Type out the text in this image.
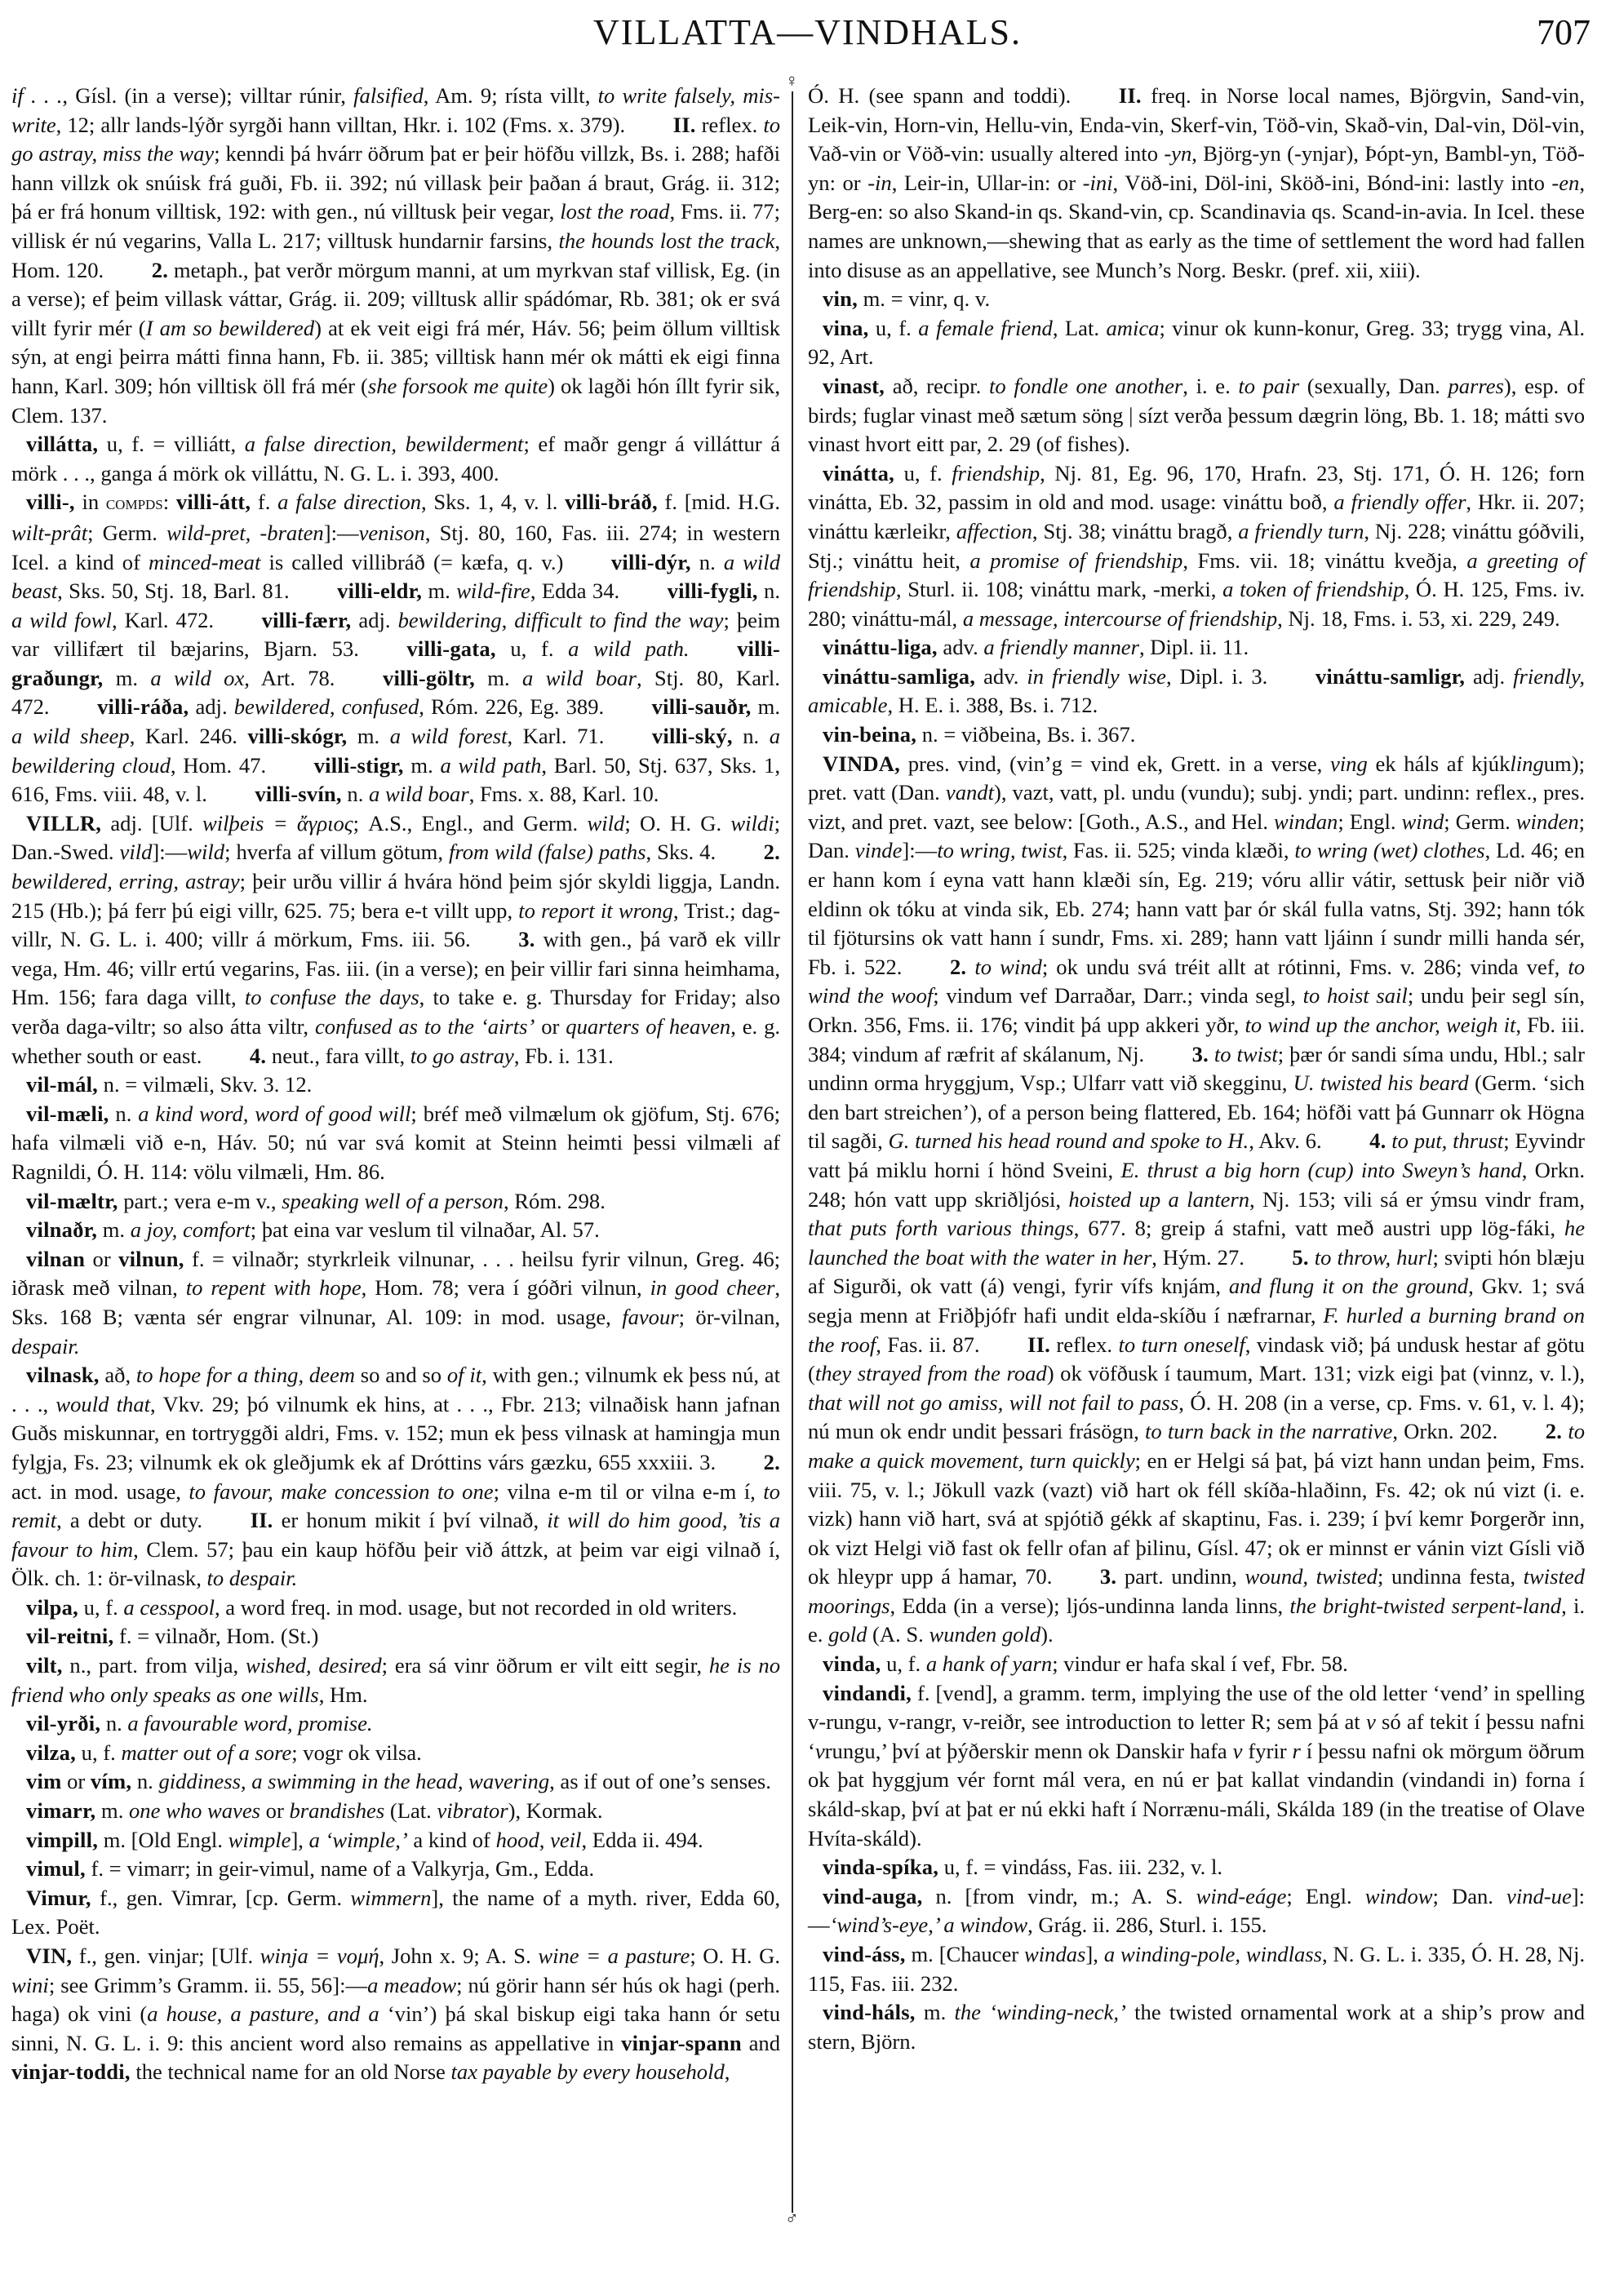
VILLATTA—VINDHALS.	707

if . . ., Gísl. (in a verse); villtar rúnir, falsified, Am. 9; rísta villt, to write falsely, mis-write, 12; allr lands-lýðr syrgði hann villtan, Hkr. i. 102 (Fms. x. 379). II. reflex. to go astray, miss the way; kenndi þá hvárr öðrum þat er þeir höfðu villzk, Bs. i. 288; hafði hann villzk ok snúisk frá guði, Fb. ii. 392; nú villask þeir þaðan á braut, Grág. ii. 312; þá er frá honum villtisk, 192: with gen., nú villtusk þeir vegar, lost the road, Fms. ii. 77; villisk ér nú vegarins, Valla L. 217; villtusk hundarnir farsins, the hounds lost the track, Hom. 120. 2. metaph., þat verðr mörgum manni, at um myrkvan staf villisk, Eg. (in a verse); ef þeim villask váttar, Grág. ii. 209; villtusk allir spádómar, Rb. 381; ok er svá villt fyrir mér (I am so bewildered) at ek veit eigi frá mér, Háv. 56; þeim öllum villtisk sýn, at engi þeirra mátti finna hann, Fb. ii. 385; villtisk hann mér ok mátti ek eigi finna hann, Karl. 309; hón villtisk öll frá mér (she forsook me quite) ok lagði hón íllt fyrir sik, Clem. 137.

villátta, u, f. = villiátt, a false direction, bewilderment; ef maðr gengr á villáttur á mörk . . ., ganga á mörk ok villáttu, N. G. L. i. 393, 400.

villi-, in compds: villi-átt, f. a false direction, Sks. 1, 4, v. l. villi-bráð, f. [mid. H.G. wilt-prât; Germ. wild-pret, -braten]:—venison, Stj. 80, 160, Fas. iii. 274; in western Icel. a kind of minced-meat is called villibráð (= kæfa, q. v.) villi-dýr, n. a wild beast, Sks. 50, Stj. 18, Barl. 81. villi-eldr, m. wild-fire, Edda 34. villi-fygli, n. a wild fowl, Karl. 472. villi-færr, adj. bewildering, difficult to find the way; þeim var villifært til bæjarins, Bjarn. 53. villi-gata, u, f. a wild path. villi-graðungr, m. a wild ox, Art. 78. villi-göltr, m. a wild boar, Stj. 80, Karl. 472. villi-ráða, adj. bewildered, confused, Róm. 226, Eg. 389. villi-sauðr, m. a wild sheep, Karl. 246. villi-skógr, m. a wild forest, Karl. 71. villi-ský, n. a bewildering cloud, Hom. 47. villi-stigr, m. a wild path, Barl. 50, Stj. 637, Sks. 1, 616, Fms. viii. 48, v. l. villi-svín, n. a wild boar, Fms. x. 88, Karl. 10.

VILLR, adj. [Ulf. wilþeis = ἄγριος; A.S., Engl., and Germ. wild; O. H. G. wildi; Dan.-Swed. vild]:—wild; hverfa af villum götum, from wild (false) paths, Sks. 4. 2. bewildered, erring, astray; þeir urðu villir á hvára hönd þeim sjór skyldi liggja, Landn. 215 (Hb.); þá ferr þú eigi villr, 625. 75; bera e-t villt upp, to report it wrong, Trist.; dag-villr, N. G. L. i. 400; villr á mörkum, Fms. iii. 56. 3. with gen., þá varð ek villr vega, Hm. 46; villr ertú vegarins, Fas. iii. (in a verse); en þeir villir fari sinna heimhama, Hm. 156; fara daga villt, to confuse the days, to take e. g. Thursday for Friday; also verða daga-viltr; so also átta viltr, confused as to the ‘airts’ or quarters of heaven, e. g. whether south or east. 4. neut., fara villt, to go astray, Fb. i. 131.

vil-mál, n. = vilmæli, Skv. 3. 12.

vil-mæli, n. a kind word, word of good will; bréf með vilmælum ok gjöfum, Stj. 676; hafa vilmæli við e-n, Háv. 50; nú var svá komit at Steinn heimti þessi vilmæli af Ragnildi, Ó. H. 114: völu vilmæli, Hm. 86.

vil-mæltr, part.; vera e-m v., speaking well of a person, Róm. 298.

vilnaðr, m. a joy, comfort; þat eina var veslum til vilnaðar, Al. 57.

vilnan or vilnun, f. = vilnaðr; styrkrleik vilnunar, . . . heilsu fyrir vilnun, Greg. 46; iðrask með vilnan, to repent with hope, Hom. 78; vera í góðri vilnun, in good cheer, Sks. 168 B; vænta sér engrar vilnunar, Al. 109: in mod. usage, favour; ör-vilnan, despair.

vilnask, að, to hope for a thing, deem so and so of it, with gen.; vilnumk ek þess nú, at . . ., would that, Vkv. 29; þó vilnumk ek hins, at . . ., Fbr. 213; vilnaðisk hann jafnan Guðs miskunnar, en tortryggði aldri, Fms. v. 152; mun ek þess vilnask at hamingja mun fylgja, Fs. 23; vilnumk ek ok gleðjumk ek af Dróttins várs gæzku, 655 xxxiii. 3. 2. act. in mod. usage, to favour, make concession to one; vilna e-m til or vilna e-m í, to remit, a debt or duty. II. er honum mikit í því vilnað, it will do him good, ’tis a favour to him, Clem. 57; þau ein kaup höfðu þeir við áttzk, at þeim var eigi vilnað í, Ölk. ch. 1: ör-vilnask, to despair.

vilpa, u, f. a cesspool, a word freq. in mod. usage, but not recorded in old writers.

vil-reitni, f. = vilnaðr, Hom. (St.)

vilt, n., part. from vilja, wished, desired; era sá vinr öðrum er vilt eitt segir, he is no friend who only speaks as one wills, Hm.

vil-yrði, n. a favourable word, promise.

vilza, u, f. matter out of a sore; vogr ok vilsa.

vim or vím, n. giddiness, a swimming in the head, wavering, as if out of one’s senses.

vimarr, m. one who waves or brandishes (Lat. vibrator), Kormak.

vimpill, m. [Old Engl. wimple], a ‘wimple,’ a kind of hood, veil, Edda ii. 494.

vimul, f. = vimarr; in geir-vimul, name of a Valkyrja, Gm., Edda.

Vimur, f., gen. Vimrar, [cp. Germ. wimmern], the name of a myth. river, Edda 60, Lex. Poët.

VIN, f., gen. vinjar; [Ulf. winja = νομή, John x. 9; A. S. wine = a pasture; O. H. G. wini; see Grimm’s Gramm. ii. 55, 56]:—a meadow; nú görir hann sér hús ok hagi (perh. haga) ok vini (a house, a pasture, and a ‘vin’) þá skal biskup eigi taka hann ór setu sinni, N. G. L. i. 9: this ancient word also remains as appellative in vinjar-spann and vinjar-toddi, the technical name for an old Norse tax payable by every household,

♀
♂

Ó. H. (see spann and toddi). II. freq. in Norse local names, Björgvin, Sand-vin, Leik-vin, Horn-vin, Hellu-vin, Enda-vin, Skerf-vin, Töð-vin, Skað-vin, Dal-vin, Döl-vin, Vað-vin or Vöð-vin: usually altered into -yn, Björg-yn (-ynjar), Þópt-yn, Bambl-yn, Töð-yn: or -in, Leir-in, Ullar-in: or -ini, Vöð-ini, Döl-ini, Sköð-ini, Bónd-ini: lastly into -en, Berg-en: so also Skand-in qs. Skand-vin, cp. Scandinavia qs. Scand-in-avia. In Icel. these names are unknown,—shewing that as early as the time of settlement the word had fallen into disuse as an appellative, see Munch’s Norg. Beskr. (pref. xii, xiii).

vin, m. = vinr, q. v.

vina, u, f. a female friend, Lat. amica; vinur ok kunn-konur, Greg. 33; trygg vina, Al. 92, Art.

vinast, að, recipr. to fondle one another, i. e. to pair (sexually, Dan. parres), esp. of birds; fuglar vinast með sætum söng | sízt verða þessum dægrin löng, Bb. 1. 18; mátti svo vinast hvort eitt par, 2. 29 (of fishes).

vinátta, u, f. friendship, Nj. 81, Eg. 96, 170, Hrafn. 23, Stj. 171, Ó. H. 126; forn vinátta, Eb. 32, passim in old and mod. usage: vináttu boð, a friendly offer, Hkr. ii. 207; vináttu kærleikr, affection, Stj. 38; vináttu bragð, a friendly turn, Nj. 228; vináttu góðvili, Stj.; vináttu heit, a promise of friendship, Fms. vii. 18; vináttu kveðja, a greeting of friendship, Sturl. ii. 108; vináttu mark, -merki, a token of friendship, Ó. H. 125, Fms. iv. 280; vináttu-mál, a message, intercourse of friendship, Nj. 18, Fms. i. 53, xi. 229, 249.

vináttu-liga, adv. a friendly manner, Dipl. ii. 11.

vináttu-samliga, adv. in friendly wise, Dipl. i. 3. vináttu-samligr, adj. friendly, amicable, H. E. i. 388, Bs. i. 712.

vin-beina, n. = viðbeina, Bs. i. 367.

VINDA, pres. vind, (vin’g = vind ek, Grett. in a verse, ving ek háls af kjúklingum); pret. vatt (Dan. vandt), vazt, vatt, pl. undu (vundu); subj. yndi; part. undinn: reflex., pres. vizt, and pret. vazt, see below: [Goth., A.S., and Hel. windan; Engl. wind; Germ. winden; Dan. vinde]:—to wring, twist, Fas. ii. 525; vinda klæði, to wring (wet) clothes, Ld. 46; en er hann kom í eyna vatt hann klæði sín, Eg. 219; vóru allir vátir, settusk þeir niðr við eldinn ok tóku at vinda sik, Eb. 274; hann vatt þar ór skál fulla vatns, Stj. 392; hann tók til fjötursins ok vatt hann í sundr, Fms. xi. 289; hann vatt ljáinn í sundr milli handa sér, Fb. i. 522. 2. to wind; ok undu svá tréit allt at rótinni, Fms. v. 286; vinda vef, to wind the woof; vindum vef Darraðar, Darr.; vinda segl, to hoist sail; undu þeir segl sín, Orkn. 356, Fms. ii. 176; vindit þá upp akkeri yðr, to wind up the anchor, weigh it, Fb. iii. 384; vindum af ræfrit af skálanum, Nj. 3. to twist; þær ór sandi síma undu, Hbl.; salr undinn orma hryggjum, Vsp.; Ulfarr vatt við skegginu, U. twisted his beard (Germ. ‘sich den bart streichen’), of a person being flattered, Eb. 164; höfði vatt þá Gunnarr ok Högna til sagði, G. turned his head round and spoke to H., Akv. 6. 4. to put, thrust; Eyvindr vatt þá miklu horni í hönd Sveini, E. thrust a big horn (cup) into Sweyn’s hand, Orkn. 248; hón vatt upp skriðljósi, hoisted up a lantern, Nj. 153; vili sá er ýmsu vindr fram, that puts forth various things, 677. 8; greip á stafni, vatt með austri upp lög-fáki, he launched the boat with the water in her, Hým. 27. 5. to throw, hurl; svipti hón blæju af Sigurði, ok vatt (á) vengi, fyrir vífs knjám, and flung it on the ground, Gkv. 1; svá segja menn at Friðþjófr hafi undit elda-skíðu í næfrarnar, F. hurled a burning brand on the roof, Fas. ii. 87. II. reflex. to turn oneself, vindask við; þá undusk hestar af götu (they strayed from the road) ok vöfðusk í taumum, Mart. 131; vizk eigi þat (vinnz, v. l.), that will not go amiss, will not fail to pass, Ó. H. 208 (in a verse, cp. Fms. v. 61, v. l. 4); nú mun ok endr undit þessari frásögn, to turn back in the narrative, Orkn. 202. 2. to make a quick movement, turn quickly; en er Helgi sá þat, þá vizt hann undan þeim, Fms. viii. 75, v. l.; Jökull vazk (vazt) við hart ok féll skíða-hlaðinn, Fs. 42; ok nú vizt (i. e. vizk) hann við hart, svá at spjótið gékk af skaptinu, Fas. i. 239; í því kemr Þorgerðr inn, ok vizt Helgi við fast ok fellr ofan af þilinu, Gísl. 47; ok er minnst er vánin vizt Gísli við ok hleypr upp á hamar, 70. 3. part. undinn, wound, twisted; undinna festa, twisted moorings, Edda (in a verse); ljós-undinna landa linns, the bright-twisted serpent-land, i. e. gold (A. S. wunden gold).

vinda, u, f. a hank of yarn; vindur er hafa skal í vef, Fbr. 58.

vindandi, f. [vend], a gramm. term, implying the use of the old letter ‘vend’ in spelling v-rungu, v-rangr, v-reiðr, see introduction to letter R; sem þá at v só af tekit í þessu nafni ‘vrungu,’ því at þýðerskir menn ok Danskir hafa v fyrir r í þessu nafni ok mörgum öðrum ok þat hyggjum vér fornt mál vera, en nú er þat kallat vindandin (vindandi in) forna í skáld-skap, því at þat er nú ekki haft í Norrænu-máli, Skálda 189 (in the treatise of Olave Hvíta-skáld).

vinda-spíka, u, f. = vindáss, Fas. iii. 232, v. l.

vind-auga, n. [from vindr, m.; A. S. wind-eáge; Engl. window; Dan. vind-ue]:—‘wind’s-eye,’ a window, Grág. ii. 286, Sturl. i. 155.

vind-áss, m. [Chaucer windas], a winding-pole, windlass, N. G. L. i. 335, Ó. H. 28, Nj. 115, Fas. iii. 232.

vind-háls, m. the ‘winding-neck,’ the twisted ornamental work at a ship’s prow and stern, Björn.
